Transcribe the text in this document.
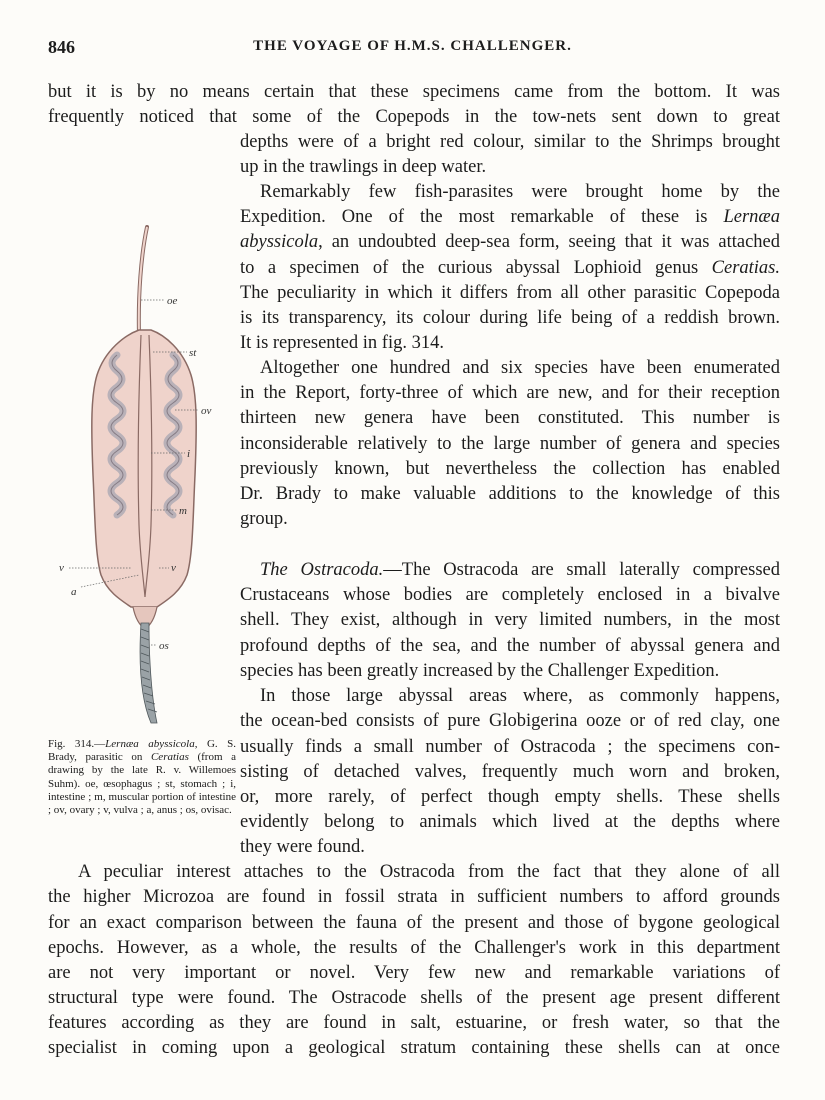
846	THE VOYAGE OF H.M.S. CHALLENGER.
but it is by no means certain that these specimens came from the bottom. It was
frequently noticed that some of the Copepods in the tow-nets sent down to great
depths were of a bright red colour, similar to the Shrimps brought
up in the trawlings in deep water.
Remarkably few fish-parasites were brought home by the
Expedition. One of the most remarkable of these is Lernæa
abyssicola, an undoubted deep-sea form, seeing that it was attached
to a specimen of the curious abyssal Lophioid genus Ceratias.
The peculiarity in which it differs from all other parasitic Copepoda
is its transparency, its colour during life being of a reddish brown.
It is represented in fig. 314.
Altogether one hundred and six species have been enumerated
in the Report, forty-three of which are new, and for their reception
thirteen new genera have been constituted. This number is
inconsiderable relatively to the large number of genera and species
previously known, but nevertheless the collection has enabled
Dr. Brady to make valuable additions to the knowledge of this
group.
The Ostracoda.—The Ostracoda are small laterally compressed
Crustaceans whose bodies are completely enclosed in a bivalve
shell. They exist, although in very limited numbers, in the most
profound depths of the sea, and the number of abyssal genera and
species has been greatly increased by the Challenger Expedition.
In those large abyssal areas where, as commonly happens,
the ocean-bed consists of pure Globigerina ooze or of red clay, one
usually finds a small number of Ostracoda ; the specimens con-
sisting of detached valves, frequently much worn and broken,
or, more rarely, of perfect though empty shells. These shells
evidently belong to animals which lived at the depths where
they were found.
A peculiar interest attaches to the Ostracoda from the fact that they alone of all
the higher Microzoa are found in fossil strata in sufficient numbers to afford grounds
for an exact comparison between the fauna of the present and those of bygone geological
epochs. However, as a whole, the results of the Challenger's work in this department
are not very important or novel. Very few new and remarkable variations of
structural type were found. The Ostracode shells of the present age present different
features according as they are found in salt, estuarine, or fresh water, so that the
specialist in coming upon a geological stratum containing these shells can at once
oe
st
ov
i
m
v	v
a
os

Fig. 314.—Lernæa abyssicola, G. S. Brady, parasitic on Ceratias (from a drawing by the late R. v. Willemoes Suhm). oe, œsophagus ; st, stomach ; i, intestine ; m, muscular portion of intestine ; ov, ovary ; v, vulva ; a, anus ; os, ovisac.
